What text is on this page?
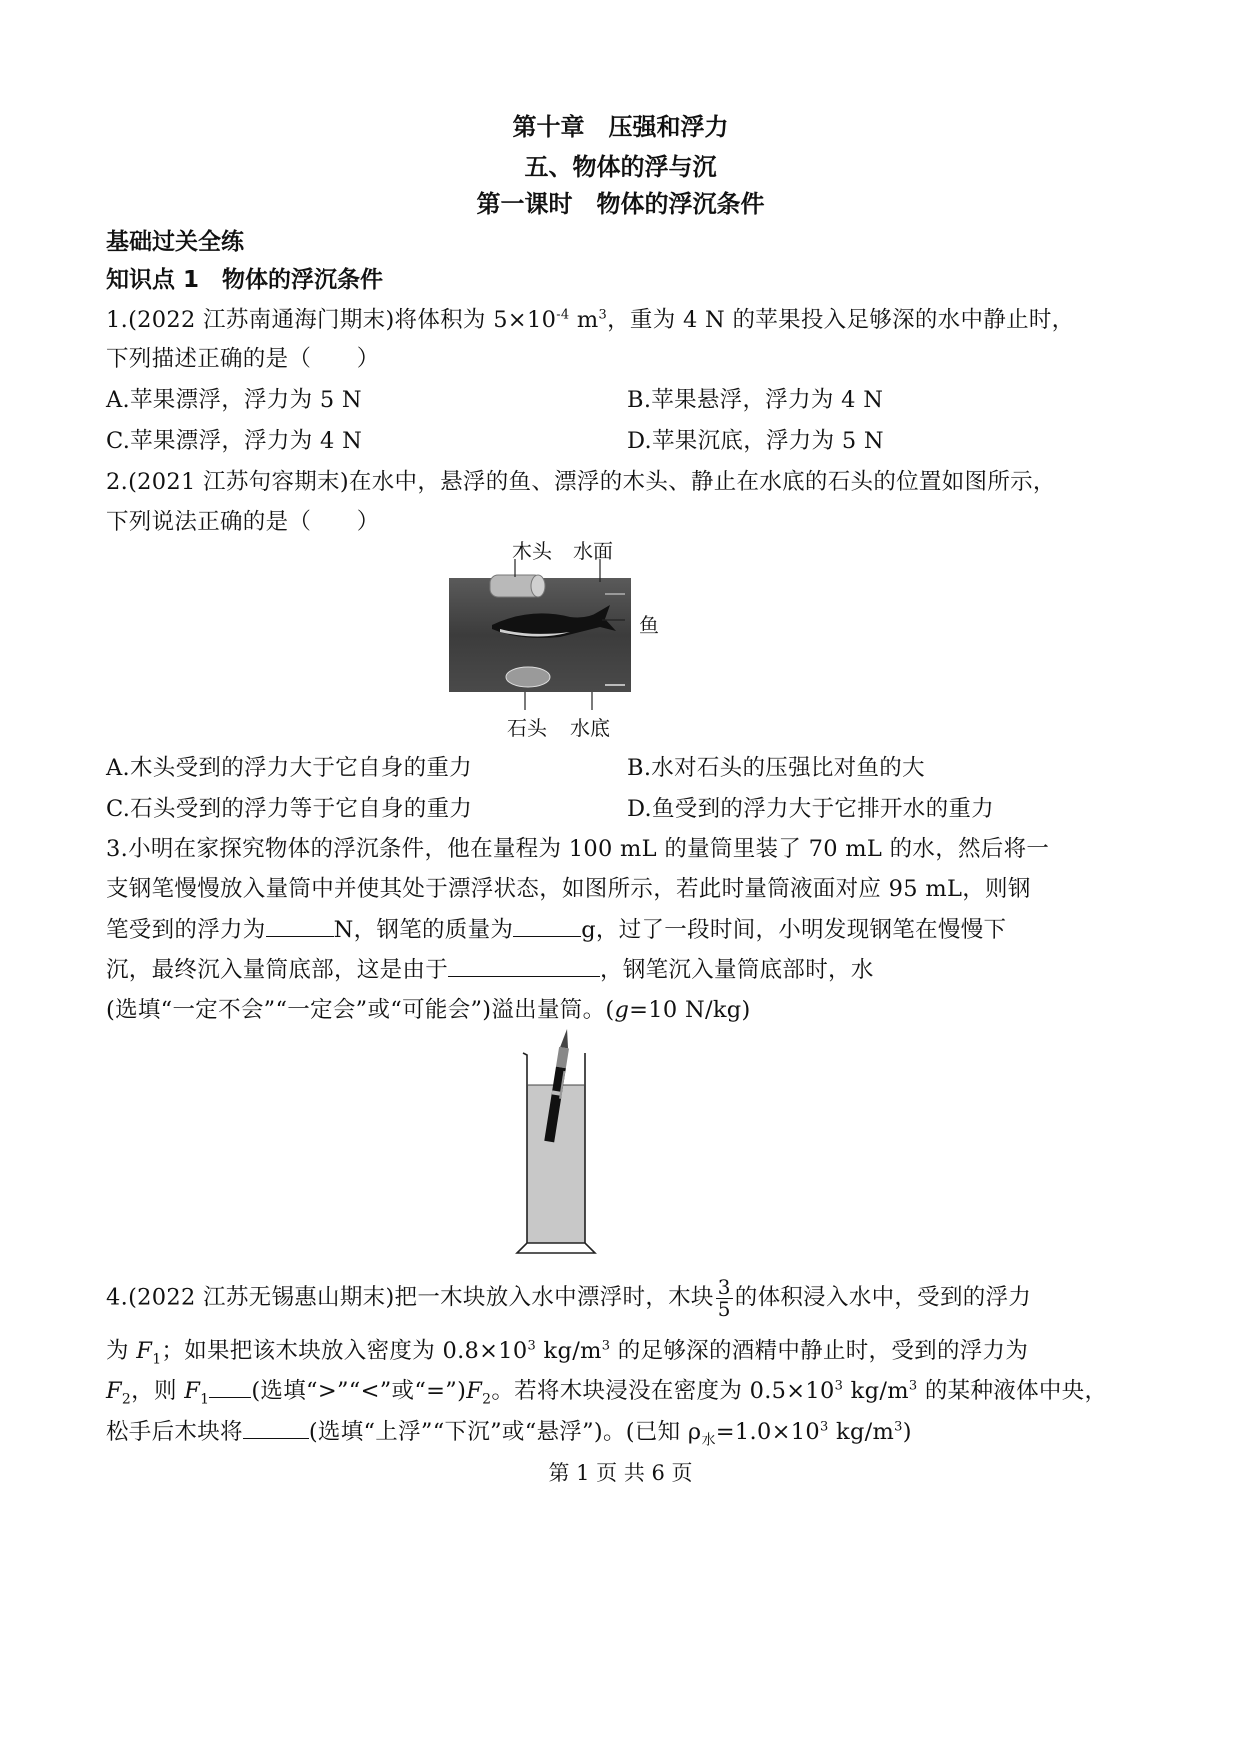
第十章　压强和浮力
五、物体的浮与沉
第一课时　物体的浮沉条件
基础过关全练
知识点 1　物体的浮沉条件
1.(2022 江苏南通海门期末)将体积为 $5\times 10^{-4}$ $m^3$，重为 4 N 的苹果投入足够深的水中静止时，
下列描述正确的是（　　）
A.苹果漂浮，浮力为 5 N	B.苹果悬浮，浮力为 4 N
C.苹果漂浮，浮力为 4 N	D.苹果沉底，浮力为 5 N
2.(2021 江苏句容期末)在水中，悬浮的鱼、漂浮的木头、静止在水底的石头的位置如图所示，
下列说法正确的是（　　）
木头 水面
鱼
石头 水底
A.木头受到的浮力大于它自身的重力	B.水对石头的压强比对鱼的大
C.石头受到的浮力等于它自身的重力	D.鱼受到的浮力大于它排开水的重力
3.小明在家探究物体的浮沉条件，他在量程为 100 mL 的量筒里装了 70 mL 的水，然后将一
支钢笔慢慢放入量筒中并使其处于漂浮状态，如图所示，若此时量筒液面对应 95 mL，则钢
笔受到的浮力为	N，钢笔的质量为	g，过了一段时间，小明发现钢笔在慢慢下
沉，最终沉入量筒底部，这是由于	，钢笔沉入量筒底部时，水
(选填“一定不会”“一定会”或“可能会”)溢出量筒。(g=10 N/kg)
4.(2022 江苏无锡惠山期末)把一木块放入水中漂浮时，木块 $\frac{3}{5}$ 的体积浸入水中，受到的浮力
为 $F_1$；如果把该木块放入密度为 $0.8\times 10^3$ $kg/m^3$ 的足够深的酒精中静止时，受到的浮力为
$F_2$，则 $F_1$ (选填“>”“<”或“$=”)F_2$。若将木块浸没在密度为 $0.5\times 10^3$ $kg/m^3$ 的某种液体中央，
松手后木块将	(选填“上浮”“下沉”或“悬浮”)。(已知 $\rho_水=1.0\times 10^3$ $kg/m^3$)
第 1 页 共 6 页
